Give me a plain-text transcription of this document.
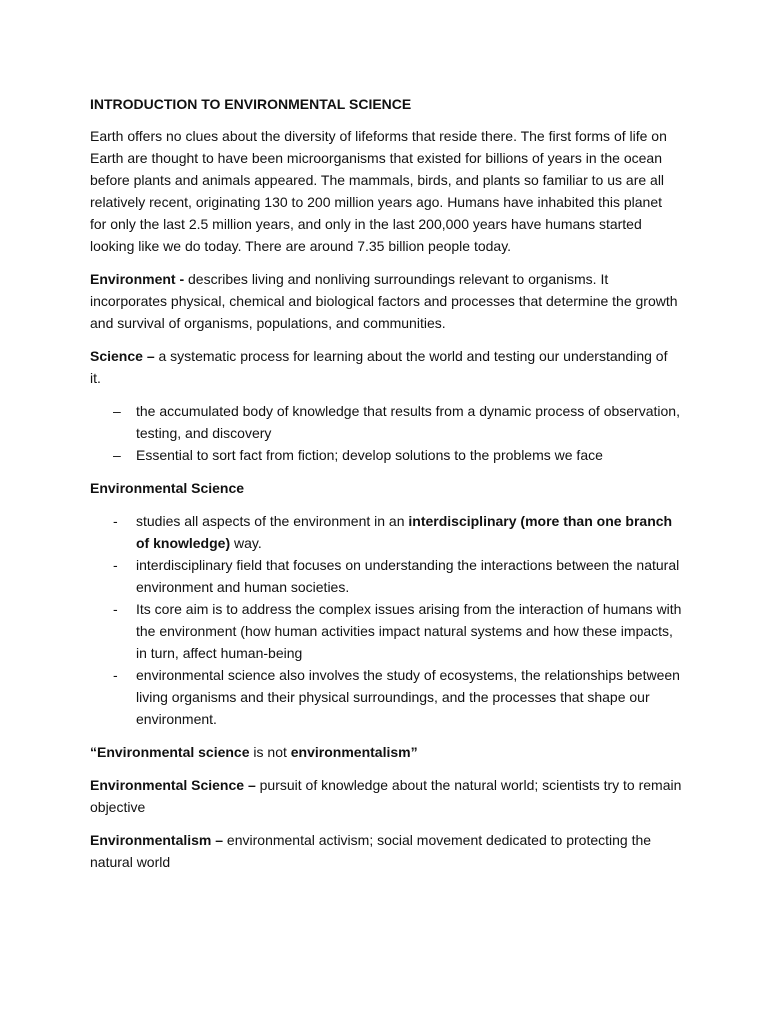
INTRODUCTION TO ENVIRONMENTAL SCIENCE

Earth offers no clues about the diversity of lifeforms that reside there. The first forms of life on Earth are thought to have been microorganisms that existed for billions of years in the ocean before plants and animals appeared. The mammals, birds, and plants so familiar to us are all relatively recent, originating 130 to 200 million years ago. Humans have inhabited this planet for only the last 2.5 million years, and only in the last 200,000 years have humans started looking like we do today. There are around 7.35 billion people today.

Environment - describes living and nonliving surroundings relevant to organisms. It incorporates physical, chemical and biological factors and processes that determine the growth and survival of organisms, populations, and communities.

Science – a systematic process for learning about the world and testing our understanding of it.

– the accumulated body of knowledge that results from a dynamic process of observation, testing, and discovery
– Essential to sort fact from fiction; develop solutions to the problems we face
Environmental Science
- studies all aspects of the environment in an interdisciplinary (more than one branch of knowledge) way.
- interdisciplinary field that focuses on understanding the interactions between the natural environment and human societies.
- Its core aim is to address the complex issues arising from the interaction of humans with the environment (how human activities impact natural systems and how these impacts, in turn, affect human-being
- environmental science also involves the study of ecosystems, the relationships between living organisms and their physical surroundings, and the processes that shape our environment.

“Environmental science is not environmentalism”

Environmental Science – pursuit of knowledge about the natural world; scientists try to remain objective

Environmentalism – environmental activism; social movement dedicated to protecting the natural world
